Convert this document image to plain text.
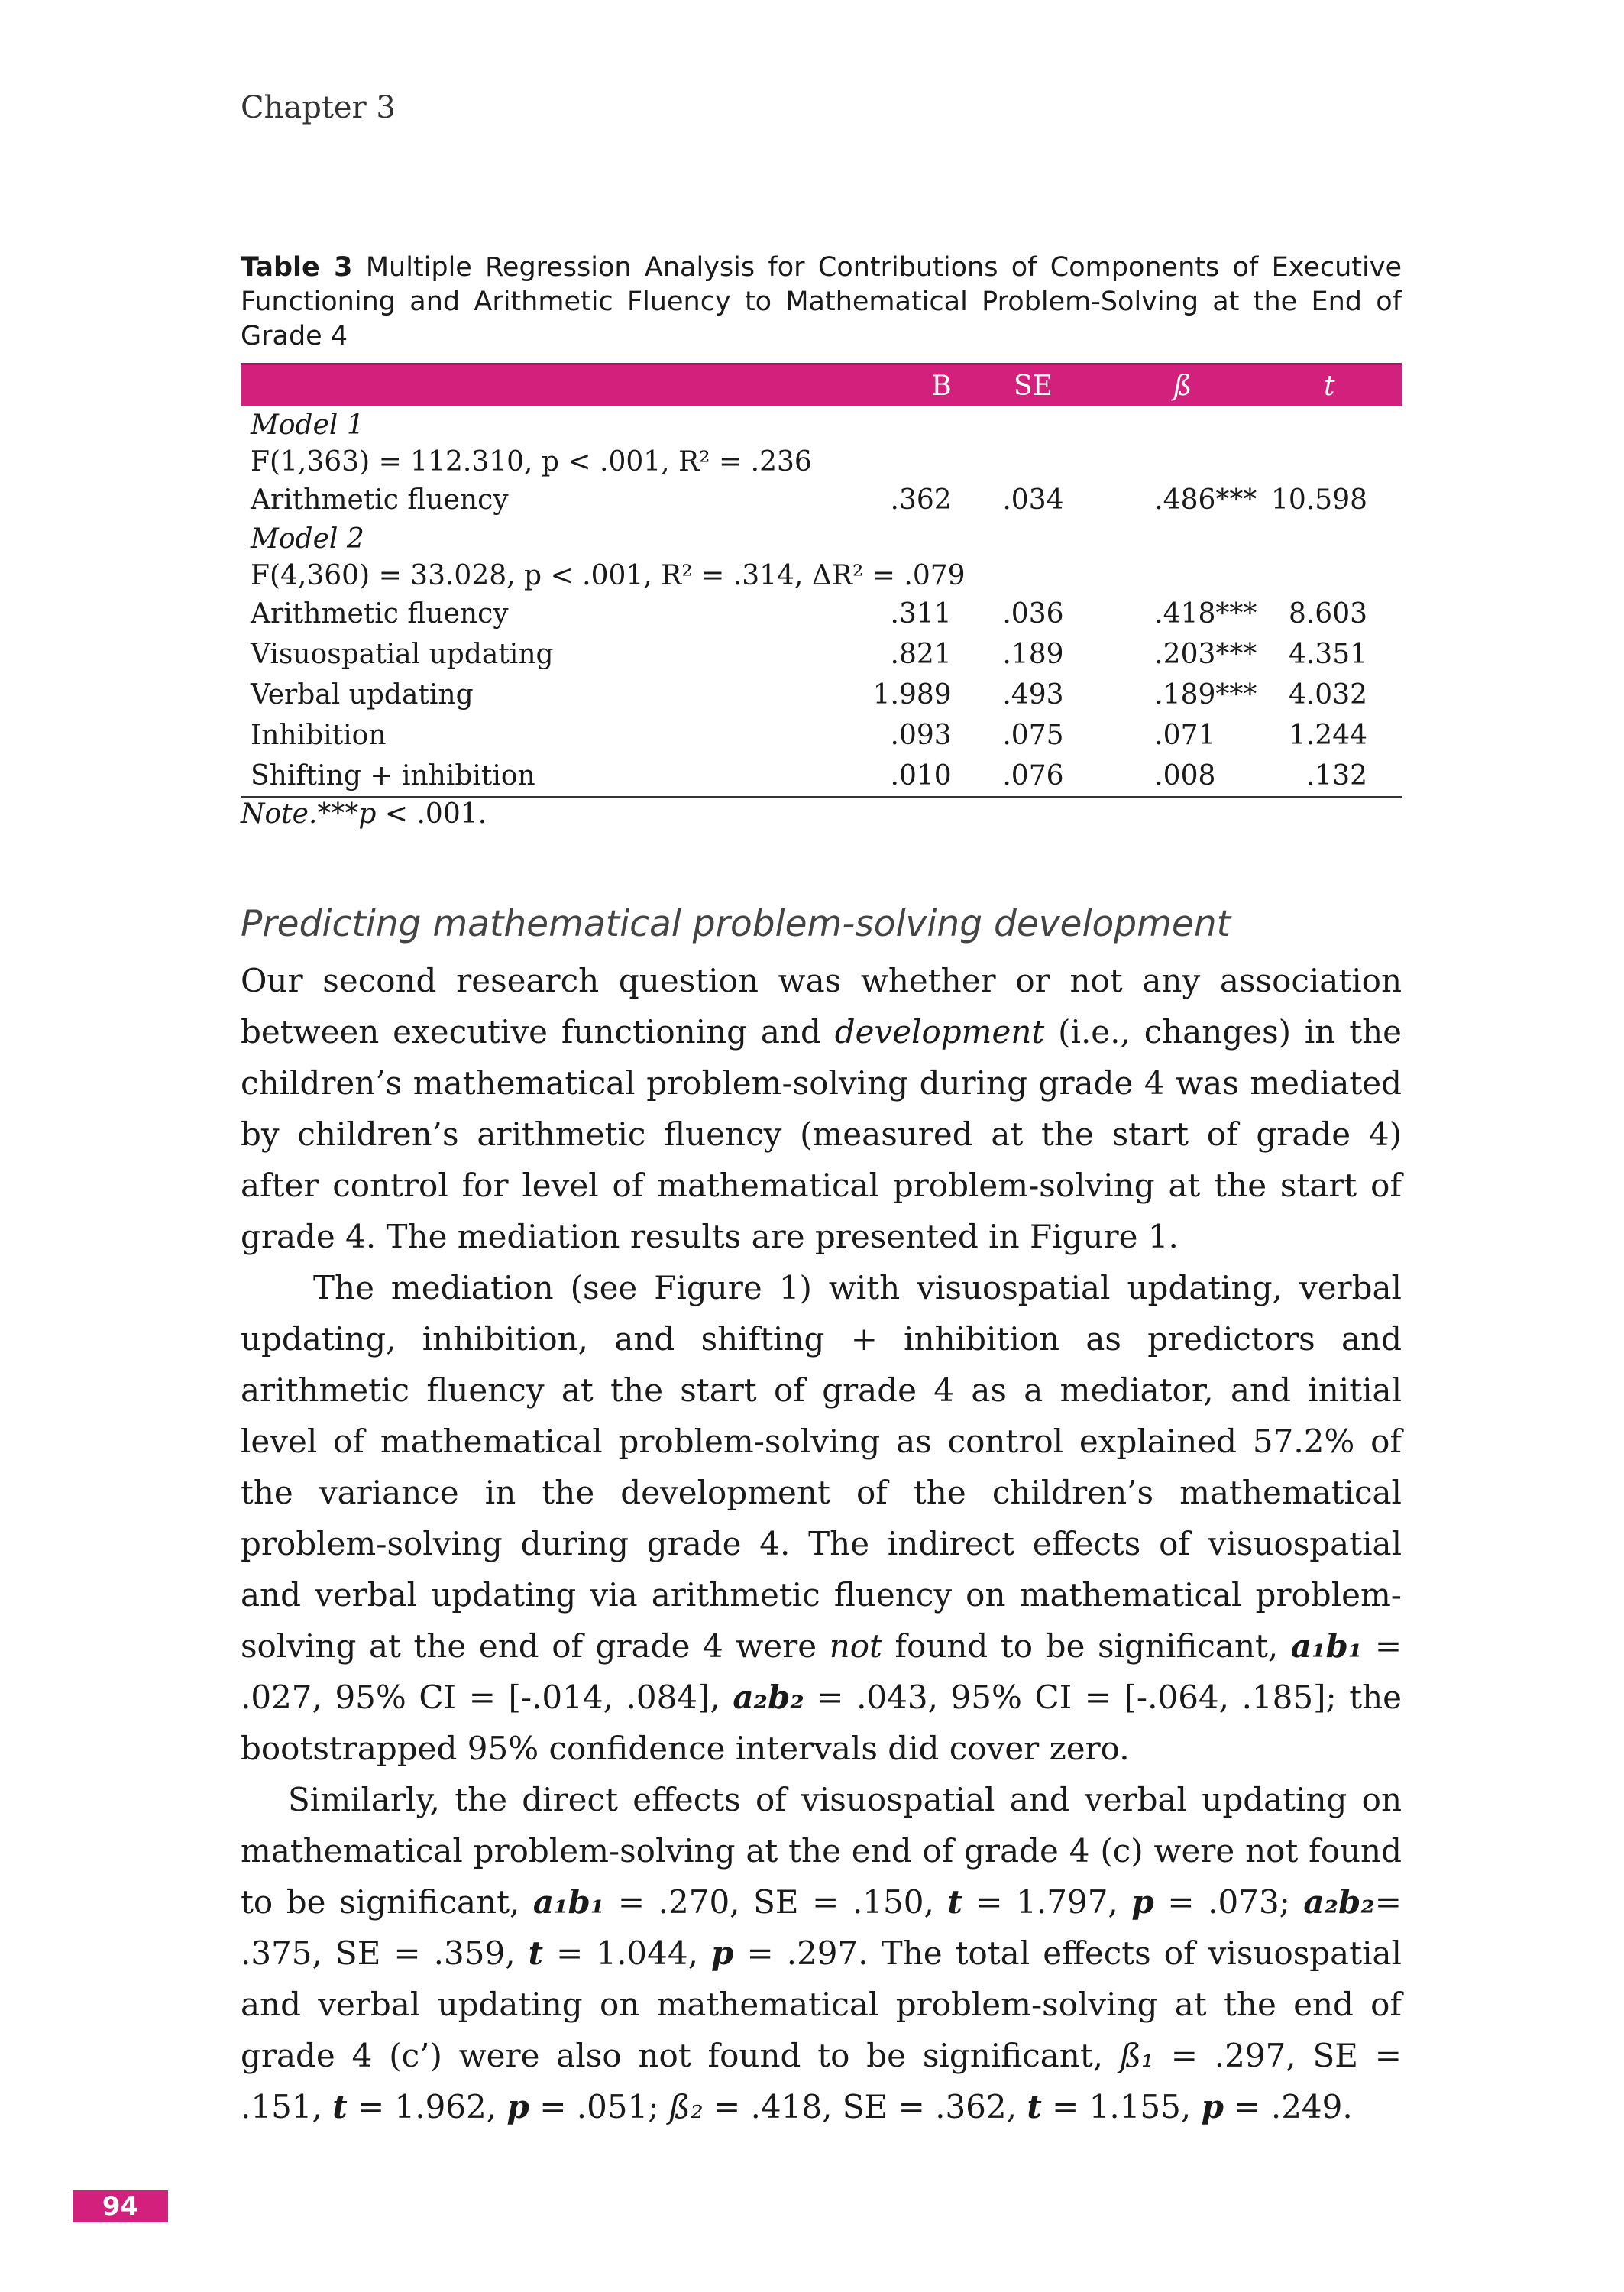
Chapter 3
Table 3 Multiple Regression Analysis for Contributions of Components of Executive Functioning and Arithmetic Fluency to Mathematical Problem-Solving at the End of Grade 4
	B	SE	ß	t
Model 1				
F(1,363) = 112.310, p < .001, R² = .236				
Arithmetic fluency	.362	.034	.486***	10.598
Model 2				
F(4,360) = 33.028, p < .001, R² = .314, ΔR² = .079				
Arithmetic fluency	.311	.036	.418***	8.603
Visuospatial updating	.821	.189	.203***	4.351
Verbal updating	1.989	.493	.189***	4.032
Inhibition	.093	.075	.071	1.244
Shifting + inhibition	.010	.076	.008	.132
Note.***p < .001.
Predicting mathematical problem-solving development

Our second research question was whether or not any association between executive functioning and development (i.e., changes) in the children’s mathematical problem-solving during grade 4 was mediated by children’s arithmetic fluency (measured at the start of grade 4) after control for level of mathematical problem-solving at the start of grade 4. The mediation results are presented in Figure 1.

The mediation (see Figure 1) with visuospatial updating, verbal updating, inhibition, and shifting + inhibition as predictors and arithmetic fluency at the start of grade 4 as a mediator, and initial level of mathematical problem-solving as control explained 57.2% of the variance in the development of the children’s mathematical problem-solving during grade 4. The indirect effects of visuospatial and verbal updating via arithmetic fluency on mathematical problem-solving at the end of grade 4 were not found to be significant, a₁b₁ = .027, 95% CI = [-.014, .084], a₂b₂ = .043, 95% CI = [-.064, .185]; the bootstrapped 95% confidence intervals did cover zero.

Similarly, the direct effects of visuospatial and verbal updating on mathematical problem-solving at the end of grade 4 (c) were not found to be significant, a₁b₁ = .270, SE = .150, t = 1.797, p = .073; a₂b₂= .375, SE = .359, t = 1.044, p = .297. The total effects of visuospatial and verbal updating on mathematical problem-solving at the end of grade 4 (c’) were also not found to be significant, ß₁ = .297, SE = .151, t = 1.962, p = .051; ß₂ = .418, SE = .362, t = 1.155, p = .249.

94
